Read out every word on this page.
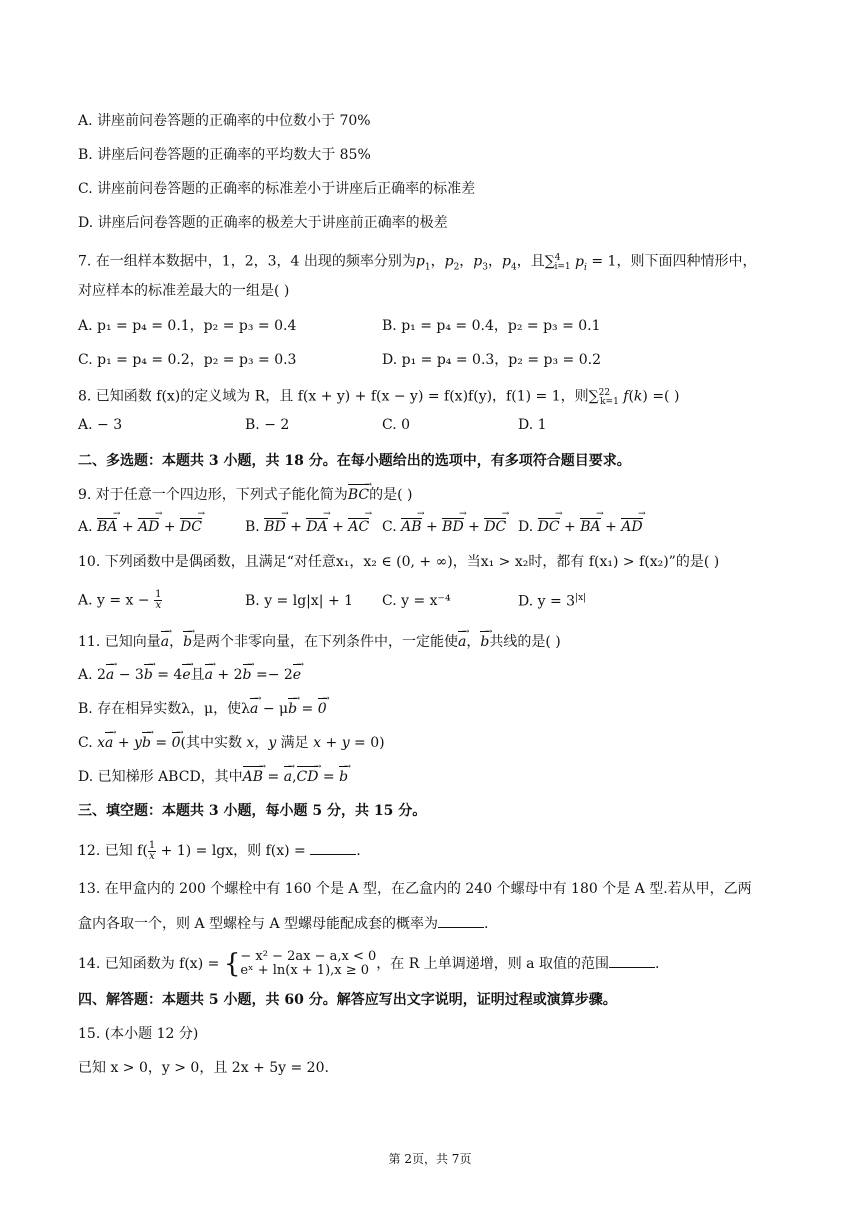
A. 讲座前问卷答题的正确率的中位数小于 70%
B. 讲座后问卷答题的正确率的平均数大于 85%
C. 讲座前问卷答题的正确率的标准差小于讲座后正确率的标准差
D. 讲座后问卷答题的正确率的极差大于讲座前正确率的极差
7. 在一组样本数据中，1，2，3，4 出现的频率分别为$p_1$，$p_2$，$p_3$，$p_4$，且∑$^4_{i=1}$ $p_i = 1$，则下面四种情形中，
对应样本的标准差最大的一组是( )
A. p₁ = p₄ = 0.1，p₂ = p₃ = 0.4	B. p₁ = p₄ = 0.4，p₂ = p₃ = 0.1
C. p₁ = p₄ = 0.2，p₂ = p₃ = 0.3	D. p₁ = p₄ = 0.3，p₂ = p₃ = 0.2
8. 已知函数 f(x)的定义域为 R，且 f(x + y) + f(x − y) = f(x)f(y)，f(1) = 1，则∑$^{22}_{k=1}$ f(k) =( )
A. − 3	B. − 2	C. 0	D. 1
二、多选题：本题共 3 小题，共 18 分。在每小题给出的选项中，有多项符合题目要求。
9. 对于任意一个四边形，下列式子能化简为BC →的是( )
A. BA → + AD → + DC →	B. BD → + DA → + AC → C. AB → + BD → + DC → D. DC → + BA → + AD →
10. 下列函数中是偶函数，且满足“对任意x₁，x₂ ∈ (0, + ∞)，当x₁ > x₂时，都有 f(x₁) > f(x₂)”的是( )
A. $y = x - \frac{1}{x}$	B. y = lg|x| + 1 C. y = x⁻⁴	D. $y = 3^{|x|}$
11. 已知向量a →，b →是两个非零向量，在下列条件中，一定能使a →，b →共线的是( )
A. 2a → − 3b → = 4e →且a → + 2b → =− 2e →
B. 存在相异实数λ，μ，使λa → − μb → = 0 →
C. xa → + yb → = 0 →(其中实数 x，y 满足 x + y = 0)
D. 已知梯形 ABCD，其中AB → = a →,CD → = b →
三、填空题：本题共 3 小题，每小题 5 分，共 15 分。
12. 已知 $f( \frac{1}{x} + 1) = \lg x$，则 f(x) =	.
13. 在甲盒内的 200 个螺栓中有 160 个是 A 型，在乙盒内的 240 个螺母中有 180 个是 A 型.若从甲，乙两
盒内各取一个，则 A 型螺栓与 A 型螺母能配成套的概率为	.
14. 已知函数为 f(x) = { − x² − 2ax − a,x < 0
eˣ + ln(x + 1),x ≥ 0 ，在 R 上单调递增，则 a 取值的范围	.
四、解答题：本题共 5 小题，共 60 分。解答应写出文字说明，证明过程或演算步骤。
15. (本小题 12 分)
已知 x > 0，y > 0，且 2x + 5y = 20.
第 2页，共 7页
